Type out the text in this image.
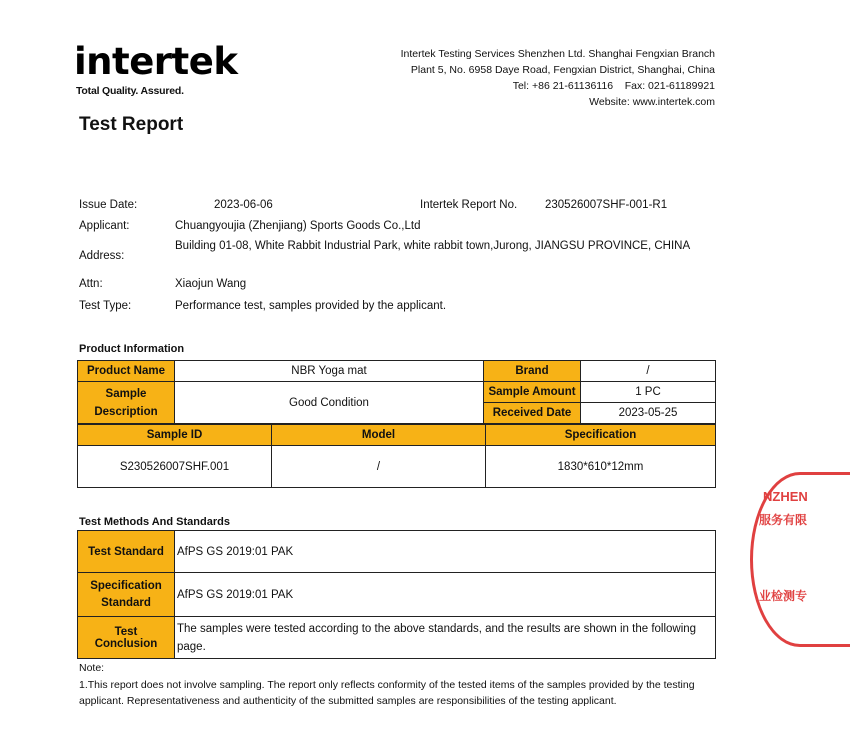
intertek
Total Quality. Assured.
Intertek Testing Services Shenzhen Ltd. Shanghai Fengxian Branch
Plant 5, No. 6958 Daye Road, Fengxian District, Shanghai, China
Tel: +86 21-61136116    Fax: 021-61189921
Website: www.intertek.com
Test Report
Issue Date:	2023-06-06	Intertek Report No. 230526007SHF-001-R1
Applicant:	Chuangyoujia (Zhenjiang) Sports Goods Co.,Ltd
Address:
Building 01-08, White Rabbit Industrial Park, white rabbit town,Jurong, JIANGSU PROVINCE, CHINA
Attn:	Xiaojun Wang
Test Type:	Performance test, samples provided by the applicant.
Product Information
Product Name	NBR Yoga mat	Brand	/
Sample Description	Good Condition	Sample Amount	1 PC
		Received Date	2023-05-25
Sample ID	Model	Specification
S230526007SHF.001	/	1830*610*12mm
Test Methods And Standards
Test Standard	AfPS GS 2019:01 PAK
Specification Standard	AfPS GS 2019:01 PAK
Test Conclusion	The samples were tested according to the above standards, and the results are shown in the following page.
Note:
1.This report does not involve sampling. The report only reflects conformity of the tested items of the samples provided by the testing applicant. Representativeness and authenticity of the submitted samples are responsibilities of the testing applicant.
NZHEN
服务有限
业检测专
